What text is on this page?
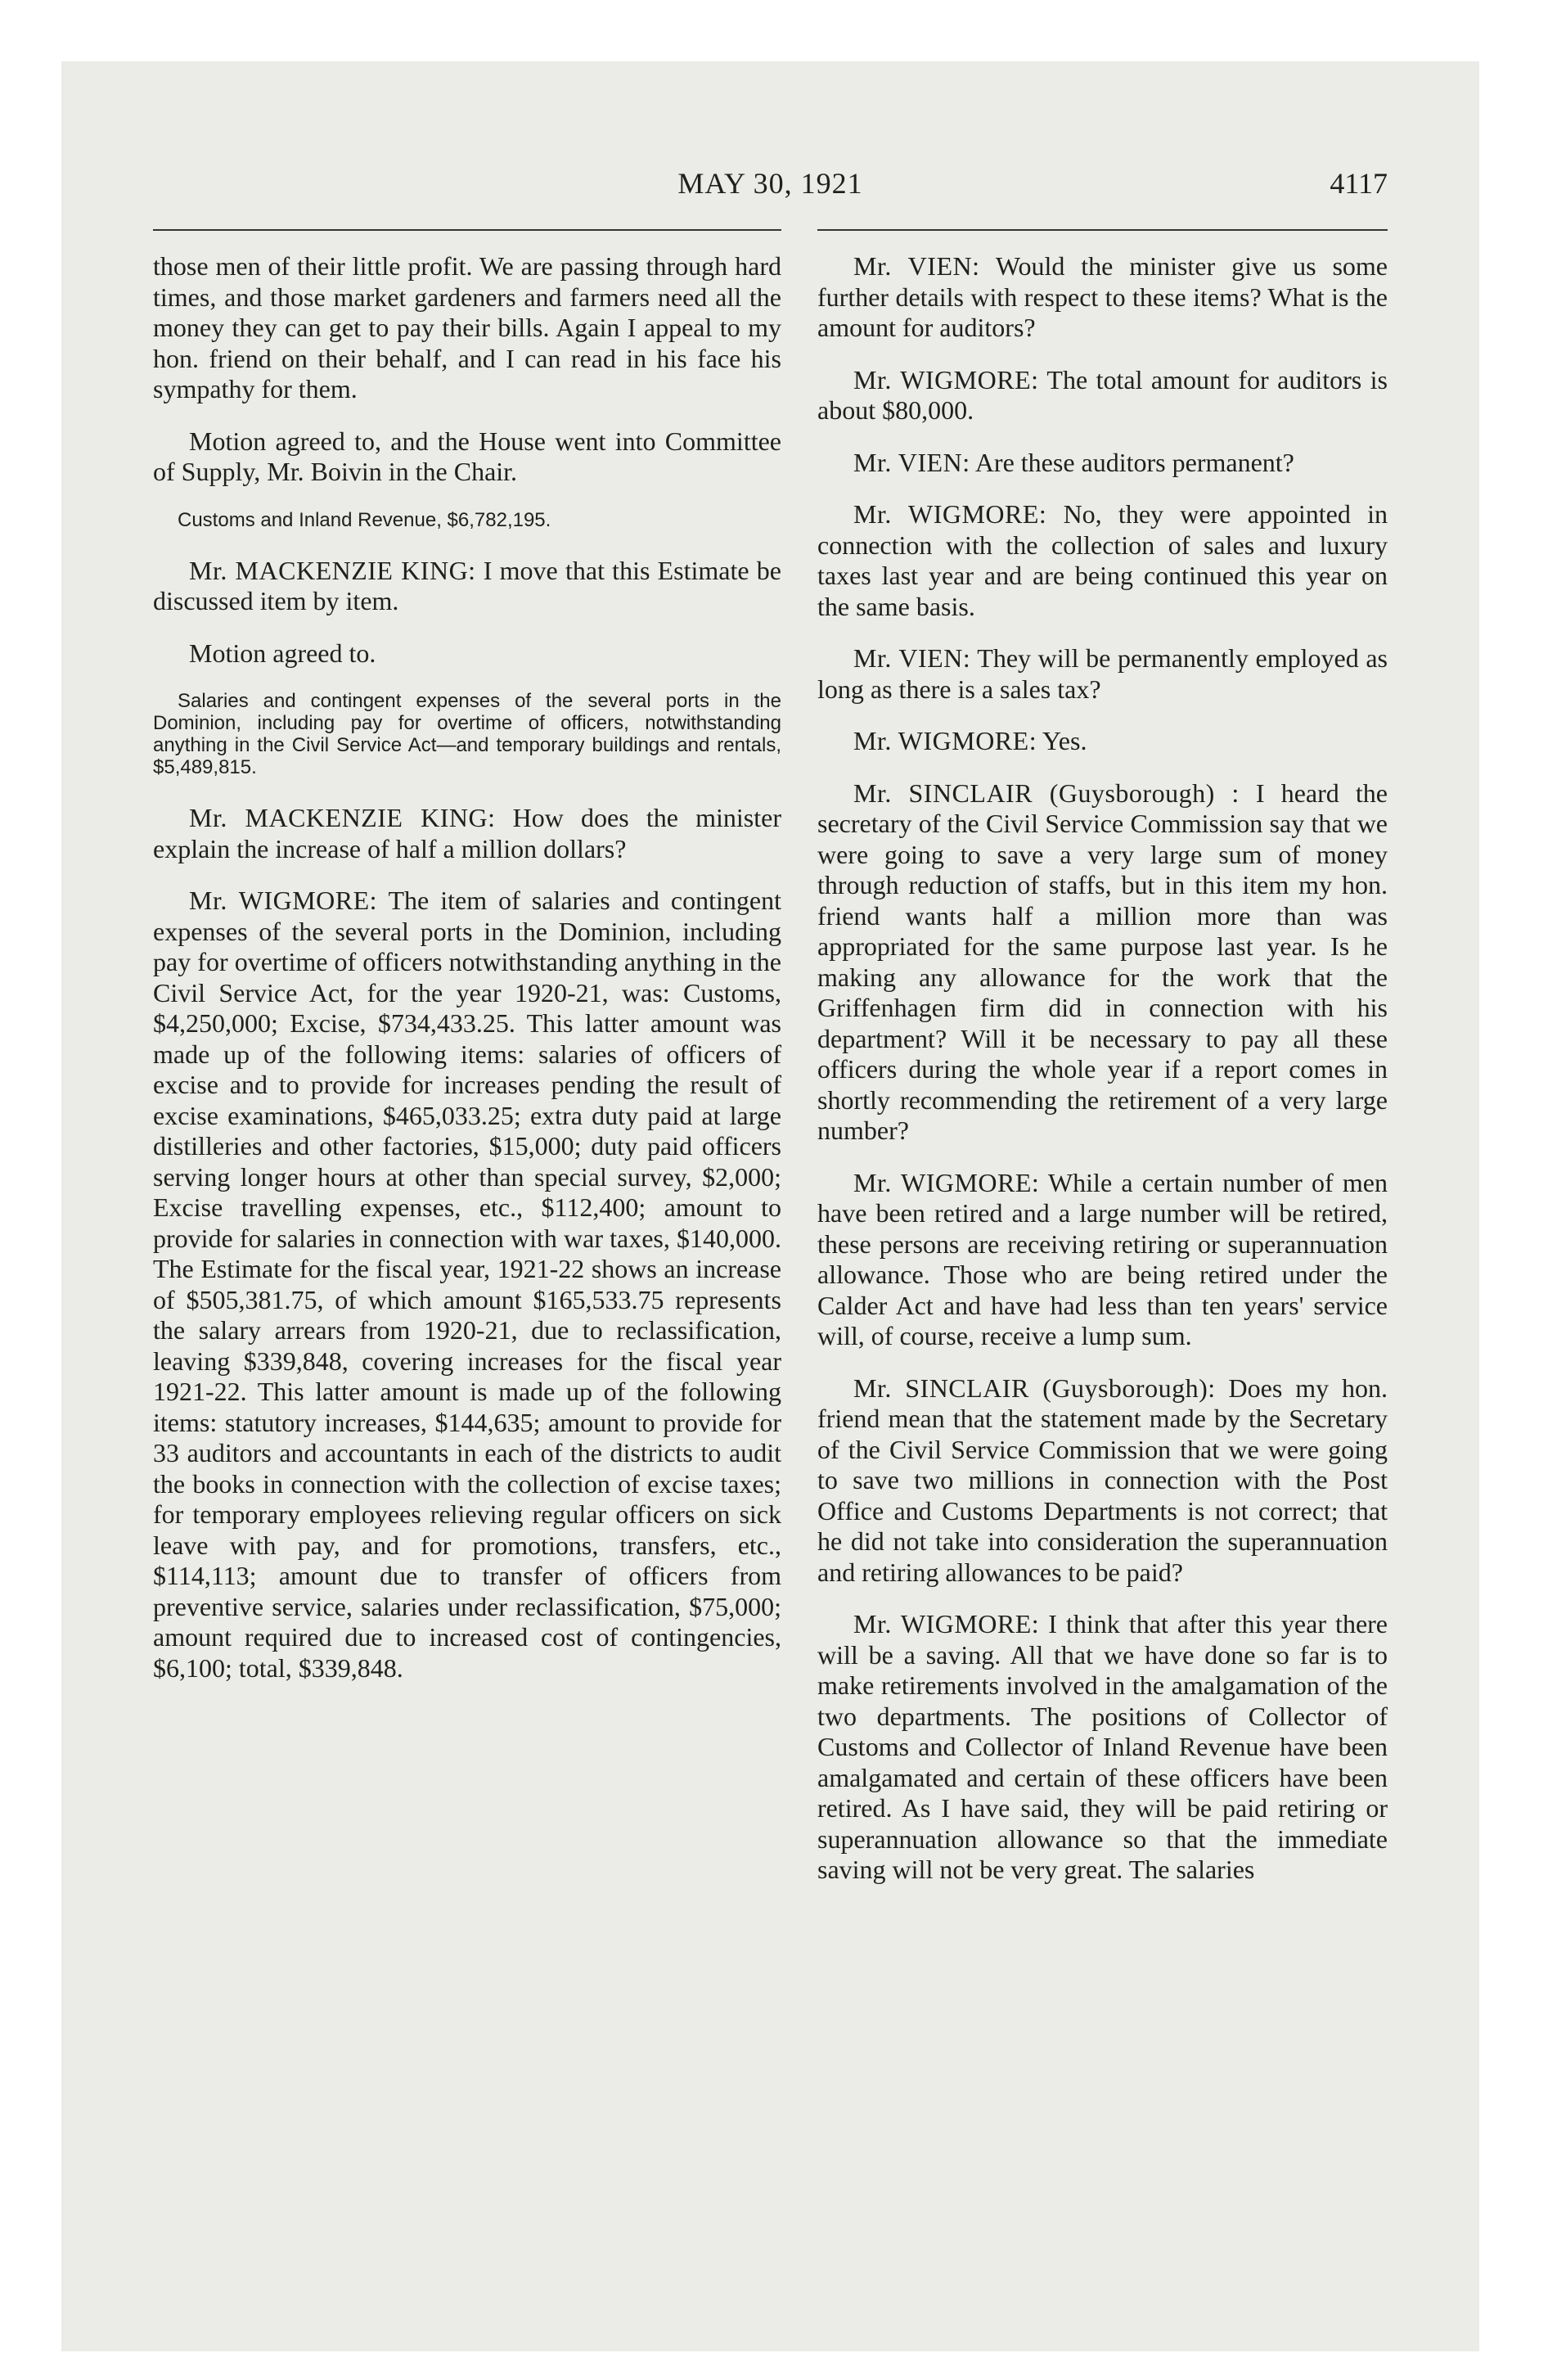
MAY 30, 1921	4117

those men of their little profit. We are passing through hard times, and those market gardeners and farmers need all the money they can get to pay their bills. Again I appeal to my hon. friend on their behalf, and I can read in his face his sympathy for them.

Motion agreed to, and the House went into Committee of Supply, Mr. Boivin in the Chair.

Customs and Inland Revenue, $6,782,195.

Mr. MACKENZIE KING: I move that this Estimate be discussed item by item.

Motion agreed to.

Salaries and contingent expenses of the several ports in the Dominion, including pay for overtime of officers, notwithstanding anything in the Civil Service Act—and temporary buildings and rentals, $5,489,815.

Mr. MACKENZIE KING: How does the minister explain the increase of half a million dollars?

Mr. WIGMORE: The item of salaries and contingent expenses of the several ports in the Dominion, including pay for overtime of officers notwithstanding anything in the Civil Service Act, for the year 1920-21, was: Customs, $4,250,000; Excise, $734,433.25. This latter amount was made up of the following items: salaries of officers of excise and to provide for increases pending the result of excise examinations, $465,033.25; extra duty paid at large distilleries and other factories, $15,000; duty paid officers serving longer hours at other than special survey, $2,000; Excise travelling expenses, etc., $112,400; amount to provide for salaries in connection with war taxes, $140,000. The Estimate for the fiscal year, 1921-22 shows an increase of $505,381.75, of which amount $165,533.75 represents the salary arrears from 1920-21, due to reclassification, leaving $339,848, covering increases for the fiscal year 1921-22. This latter amount is made up of the following items: statutory increases, $144,635; amount to provide for 33 auditors and accountants in each of the districts to audit the books in connection with the collection of excise taxes; for temporary employees relieving regular officers on sick leave with pay, and for promotions, transfers, etc., $114,113; amount due to transfer of officers from preventive service, salaries under reclassification, $75,000; amount required due to increased cost of contingencies, $6,100; total, $339,848.

Mr. VIEN: Would the minister give us some further details with respect to these items? What is the amount for auditors?

Mr. WIGMORE: The total amount for auditors is about $80,000.

Mr. VIEN: Are these auditors permanent?

Mr. WIGMORE: No, they were appointed in connection with the collection of sales and luxury taxes last year and are being continued this year on the same basis.

Mr. VIEN: They will be permanently employed as long as there is a sales tax?

Mr. WIGMORE: Yes.

Mr. SINCLAIR (Guysborough) : I heard the secretary of the Civil Service Commission say that we were going to save a very large sum of money through reduction of staffs, but in this item my hon. friend wants half a million more than was appropriated for the same purpose last year. Is he making any allowance for the work that the Griffenhagen firm did in connection with his department? Will it be necessary to pay all these officers during the whole year if a report comes in shortly recommending the retirement of a very large number?

Mr. WIGMORE: While a certain number of men have been retired and a large number will be retired, these persons are receiving retiring or superannuation allowance. Those who are being retired under the Calder Act and have had less than ten years' service will, of course, receive a lump sum.

Mr. SINCLAIR (Guysborough): Does my hon. friend mean that the statement made by the Secretary of the Civil Service Commission that we were going to save two millions in connection with the Post Office and Customs Departments is not correct; that he did not take into consideration the superannuation and retiring allowances to be paid?

Mr. WIGMORE: I think that after this year there will be a saving. All that we have done so far is to make retirements involved in the amalgamation of the two departments. The positions of Collector of Customs and Collector of Inland Revenue have been amalgamated and certain of these officers have been retired. As I have said, they will be paid retiring or superannuation allowance so that the immediate saving will not be very great. The salaries
